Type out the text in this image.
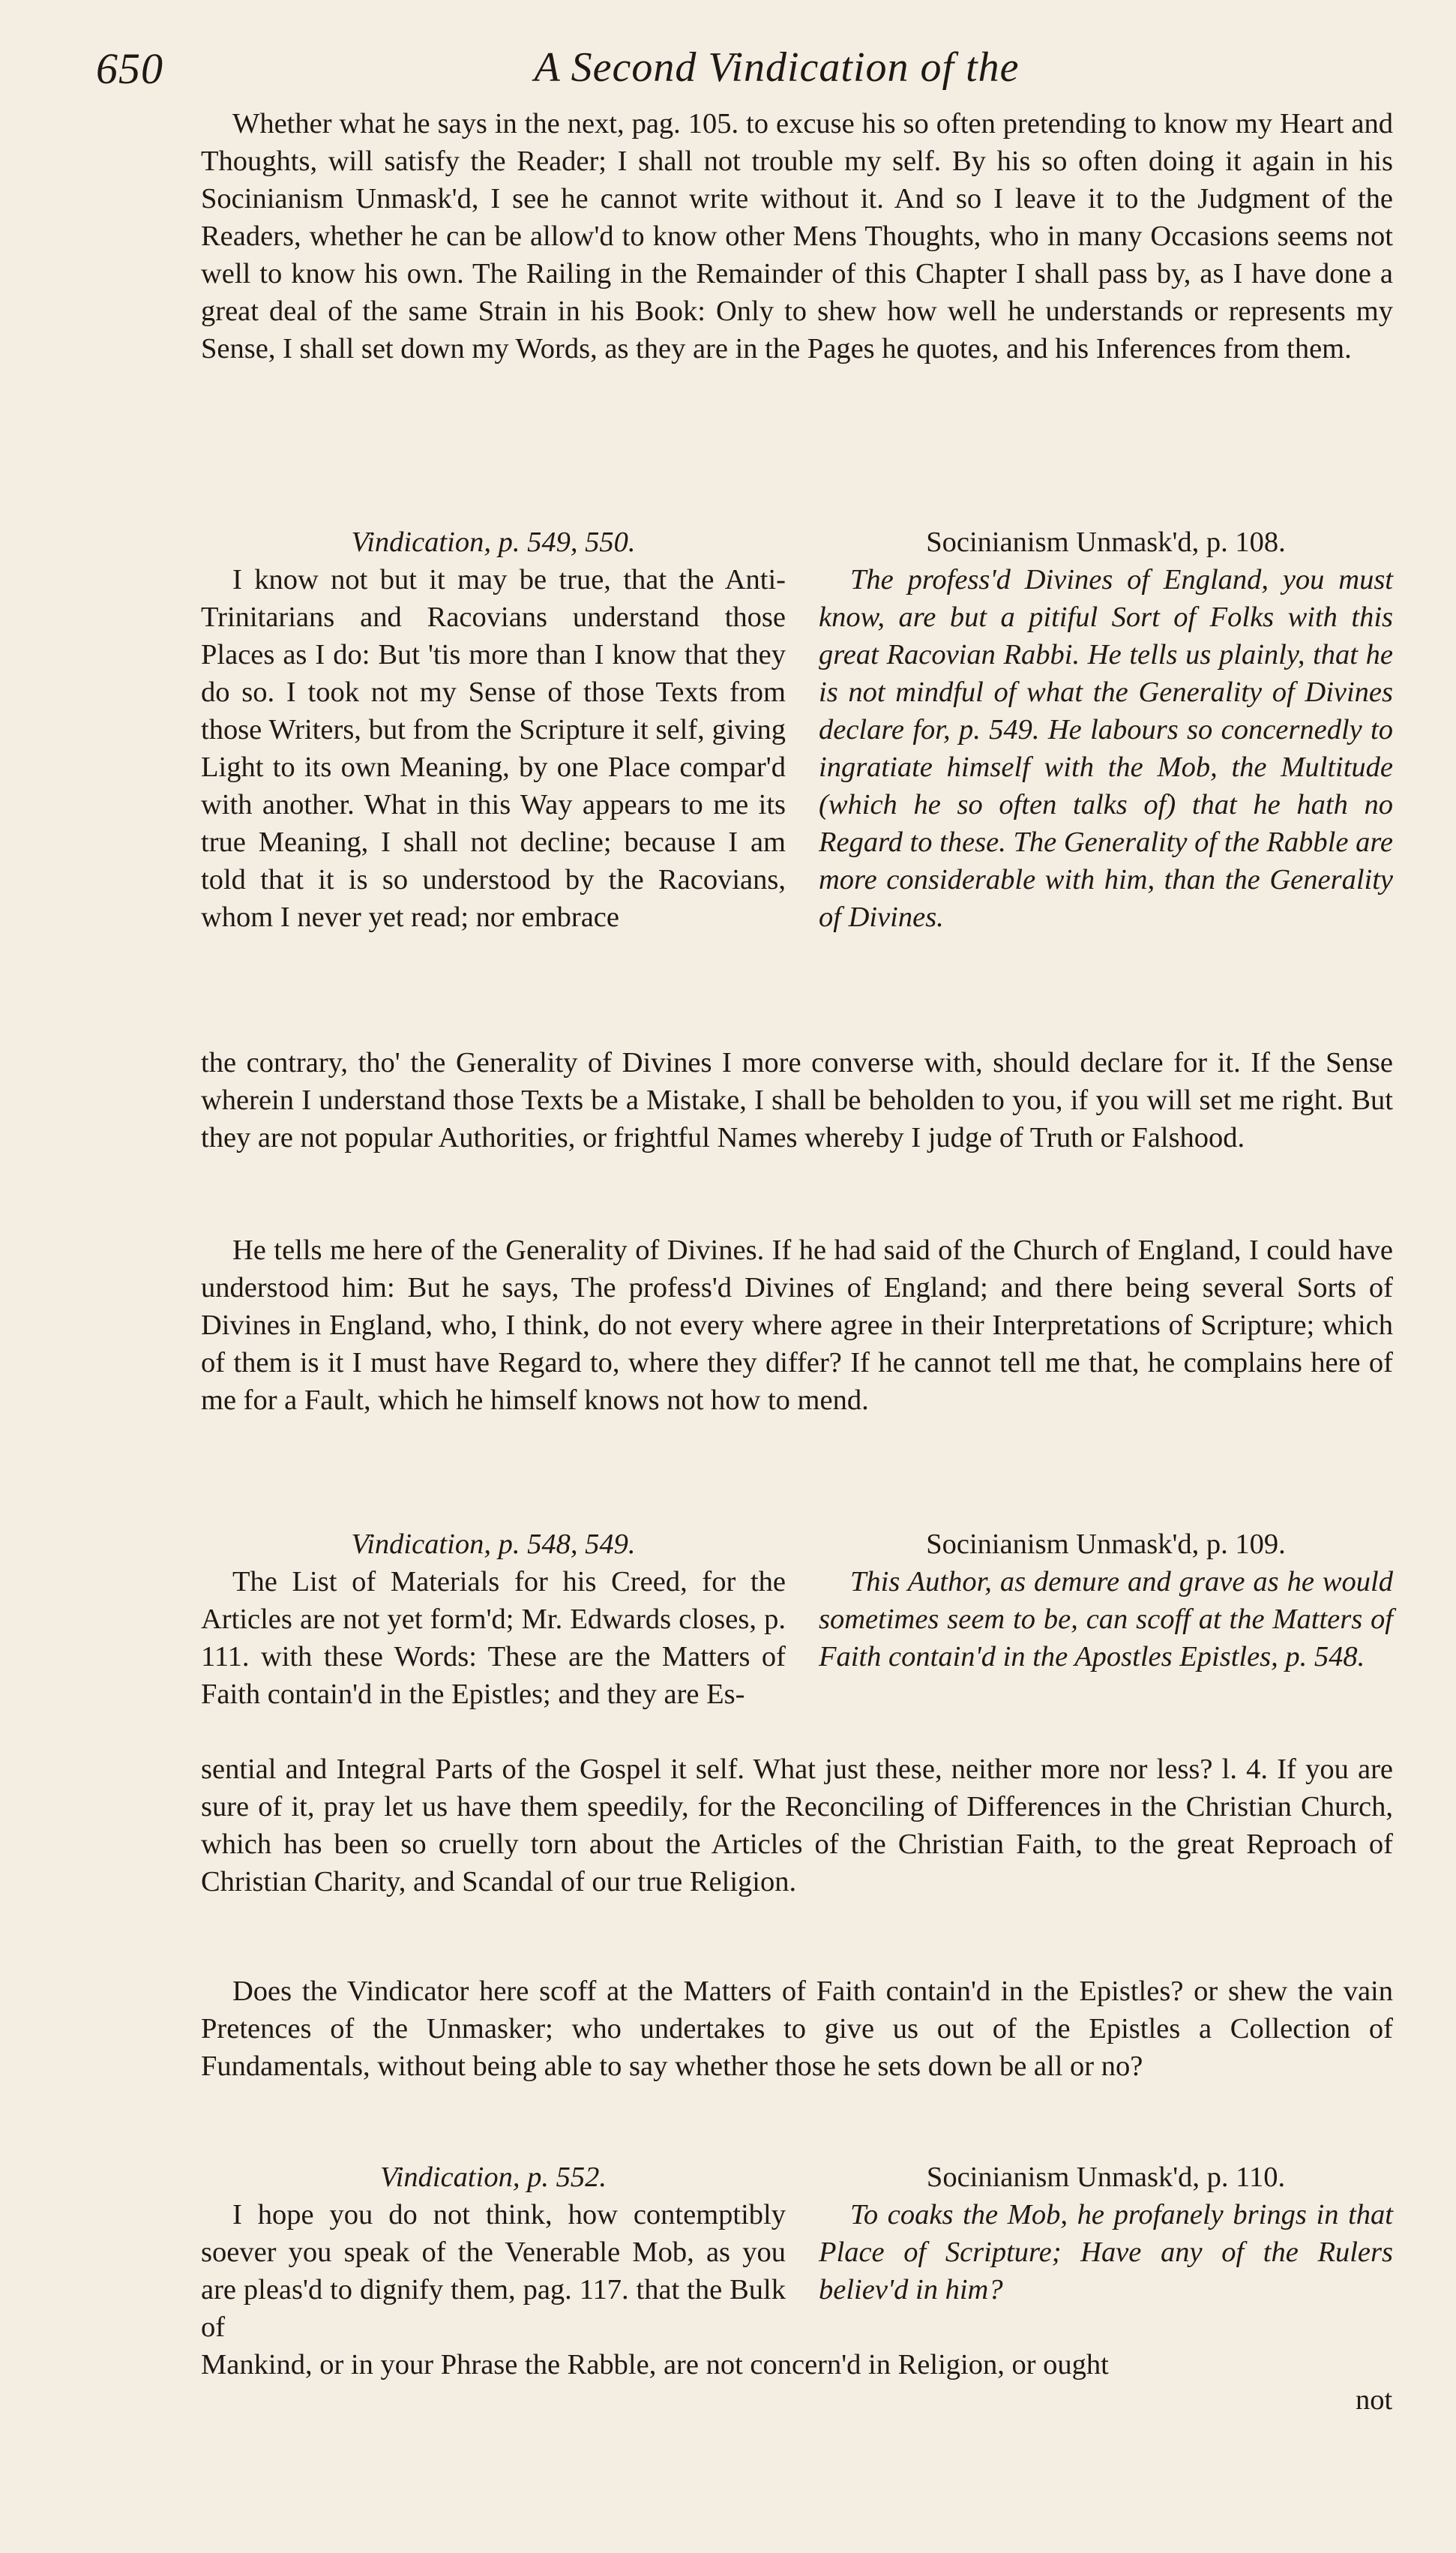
650	A Second Vindication of the

Whether what he says in the next, pag. 105. to excuse his so often pretending to know my Heart and Thoughts, will satisfy the Reader; I shall not trouble my self. By his so often doing it again in his Socinianism Unmask'd, I see he cannot write without it. And so I leave it to the Judgment of the Readers, whether he can be allow'd to know other Mens Thoughts, who in many Occasions seems not well to know his own. The Railing in the Remainder of this Chapter I shall pass by, as I have done a great deal of the same Strain in his Book: Only to shew how well he understands or represents my Sense, I shall set down my Words, as they are in the Pages he quotes, and his Inferences from them.

Vindication, p. 549, 550.

I know not but it may be true, that the Anti-Trinitarians and Racovians understand those Places as I do: But 'tis more than I know that they do so. I took not my Sense of those Texts from those Writers, but from the Scripture it self, giving Light to its own Meaning, by one Place compar'd with another. What in this Way appears to me its true Meaning, I shall not decline; because I am told that it is so understood by the Racovians, whom I never yet read; nor embrace

Socinianism Unmask'd, p. 108.

The profess'd Divines of England, you must know, are but a pitiful Sort of Folks with this great Racovian Rabbi. He tells us plainly, that he is not mindful of what the Generality of Divines declare for, p. 549. He labours so concernedly to ingratiate himself with the Mob, the Multitude (which he so often talks of) that he hath no Regard to these. The Generality of the Rabble are more considerable with him, than the Generality of Divines.

the contrary, tho' the Generality of Divines I more converse with, should declare for it. If the Sense wherein I understand those Texts be a Mistake, I shall be beholden to you, if you will set me right. But they are not popular Authorities, or frightful Names whereby I judge of Truth or Falshood.

He tells me here of the Generality of Divines. If he had said of the Church of England, I could have understood him: But he says, The profess'd Divines of England; and there being several Sorts of Divines in England, who, I think, do not every where agree in their Interpretations of Scripture; which of them is it I must have Regard to, where they differ? If he cannot tell me that, he complains here of me for a Fault, which he himself knows not how to mend.

Vindication, p. 548, 549.

The List of Materials for his Creed, for the Articles are not yet form'd; Mr. Edwards closes, p. 111. with these Words: These are the Matters of Faith contain'd in the Epistles; and they are Es-

Socinianism Unmask'd, p. 109.

This Author, as demure and grave as he would sometimes seem to be, can scoff at the Matters of Faith contain'd in the Apostles Epistles, p. 548.

sential and Integral Parts of the Gospel it self. What just these, neither more nor less? l. 4. If you are sure of it, pray let us have them speedily, for the Reconciling of Differences in the Christian Church, which has been so cruelly torn about the Articles of the Christian Faith, to the great Reproach of Christian Charity, and Scandal of our true Religion.

Does the Vindicator here scoff at the Matters of Faith contain'd in the Epistles? or shew the vain Pretences of the Unmasker; who undertakes to give us out of the Epistles a Collection of Fundamentals, without being able to say whether those he sets down be all or no?

Vindication, p. 552.

I hope you do not think, how contemptibly soever you speak of the Venerable Mob, as you are pleas'd to dignify them, pag. 117. that the Bulk of

Socinianism Unmask'd, p. 110.

To coaks the Mob, he profanely brings in that Place of Scripture; Have any of the Rulers believ'd in him?

Mankind, or in your Phrase the Rabble, are not concern'd in Religion, or ought

not
